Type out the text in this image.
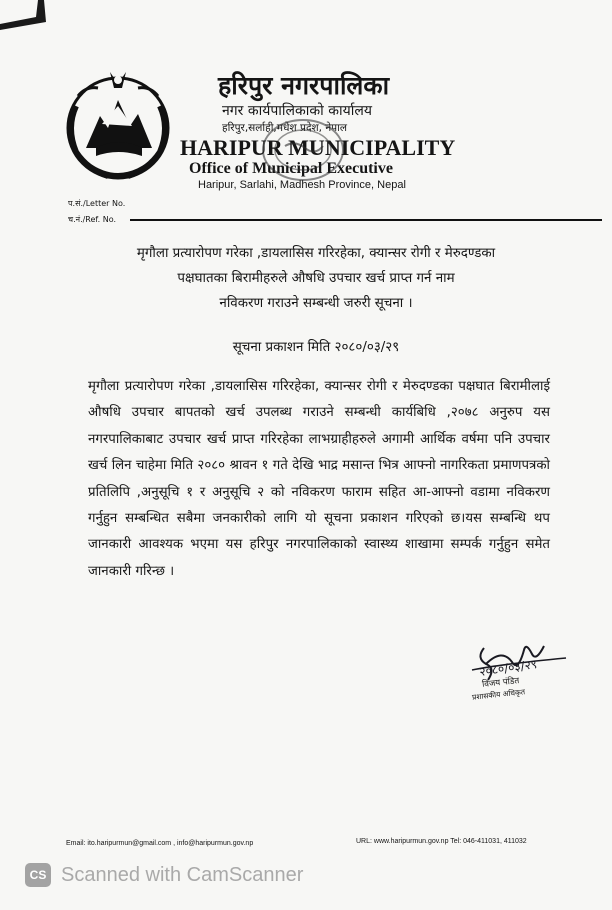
हरिपुर नगरपालिका
नगर कार्यपालिकाको कार्यालय
हरिपुर,सर्लाही,मधेश प्रदेश, नेपाल
HARIPUR MUNICIPALITY
Office of Municipal Executive
Haripur, Sarlahi, Madhesh Province, Nepal
प.सं./Letter No.
च.नं./Ref. No.
मृगौला प्रत्यारोपण गरेका ,डायलासिस गरिरहेका, क्यान्सर रोगी र मेरुदण्डका
पक्षघातका बिरामीहरुले औषधि उपचार खर्च प्राप्त गर्न नाम
नविकरण गराउने सम्बन्धी जरुरी सूचना ।
सूचना प्रकाशन मिति २०८०/०३/२९
मृगौला प्रत्यारोपण गरेका ,डायलासिस गरिरहेका, क्यान्सर रोगी र मेरुदण्डका पक्षघात बिरामीलाई औषधि उपचार बापतको खर्च उपलब्ध गराउने सम्बन्धी कार्यबिधि ,२०७८ अनुरुप यस नगरपालिकाबाट उपचार खर्च प्राप्त गरिरहेका लाभग्राहीहरुले अगामी आर्थिक वर्षमा पनि उपचार खर्च लिन चाहेमा मिति २०८० श्रावन १ गते देखि भाद्र मसान्त भित्र आफ्नो नागरिकता प्रमाणपत्रको प्रतिलिपि ,अनुसूचि १ र अनुसूचि २ को नविकरण फाराम सहित आ-आफ्नो वडामा नविकरण गर्नुहुन सम्बन्धित सबैमा जनकारीको लागि यो सूचना प्रकाशन गरिएको छ।यस सम्बन्धि थप जानकारी आवश्यक भएमा यस हरिपुर नगरपालिकाको स्वास्थ्य शाखामा सम्पर्क गर्नुहुन समेत जानकारी गरिन्छ ।
२०८०/०३/२९
विजय पंडित
प्रशासकीय अधिकृत
Email: ito.haripurmun@gmail.com , info@haripurmun.gov.np	URL: www.haripurmun.gov.np Tel: 046-411031, 411032
CS Scanned with CamScanner
